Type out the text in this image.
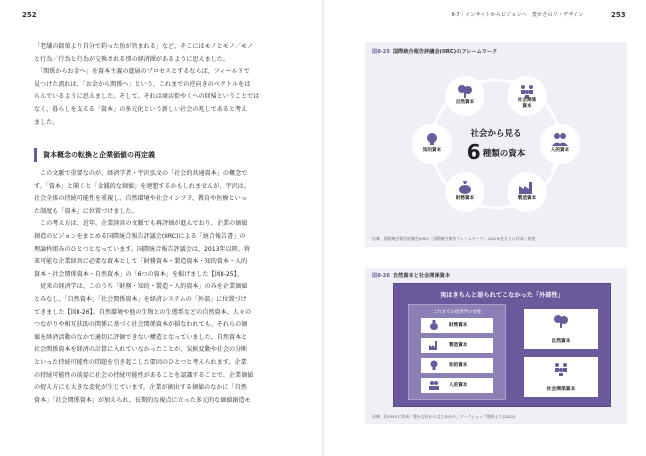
252	Ⅱ-7｜インサイトからビジョンへ　豊かさのリ・デザイン	253

「老舗の銘菓より自分で釣った魚が旨まれる」など、そこにはモノとモノ／モノ

と行為／行為と行為が交換される別の経済圏があるように思えました。

　「関係からお金へ」を資本主義の進展のプロセスとするならば、フィールドで

見つけた流れは、「お金から関係へ」という、これまでの逆向きのベクトルをは

らんでいるように思えました。そして、それは商店街やくへの回帰ということでは

なく、暮らしを支える「資本」の多元化という新しい社会の兆しであると考え

ました。

資本概念の転換と企業価値の再定義

　この文脈で重要なのが、経済学者・宇沢弘文の「社会的共通資本」の概念で

す。「資本」と聞くと「金銭的な価値」を連想するかもしれませんが、宇沢は、

社会全体の持続可能性を重視し、自然環境や社会インフラ、教育や医療といっ

た制度も「資本」に位置づけました。

　この考え方は、近年、企業経営の文脈でも再評価が進んでおり、企業の価値

創造のビジョンをまとめる国際統合報告評議会(IIRC)による「統合報告書」の

理論枠組みのひとつとなっています。国際統合報告評議会は、2013年以降、将

来可能な企業経営に必要な資本として「財務資本・製造資本・知的資本・人的

資本・社会関係資本・自然資本」の「6つの資本」を掲げました【図Ⅱ-25】。

　従来の経済学は、このうち「財務・知的・製造・人的資本」のみを企業価値

とみなし、「自然資本」「社会関係資本」を経済システムの「外部」に位置づけ

てきました【図Ⅱ-26】。自然環境や他の生物との生態系などの自然資本、人々の

つながりや相互扶助の関係に基づく社会関係資本が損なわれても、それらの価

値を経済活動のなかで適切に評価できない構造となっていました。自然資本と

社会関係資本を経済の計算に入れていなかったことが、気候変動や社会の分断

といった持続可能性の問題を引き起こした要因のひとつと考えられます。企業

の持続可能性の前提に社会の持続可能性があることを認識することで、企業価値

の捉え方にも大きな変化が生じています。企業が創出する価値のなかに「自然

資本」「社会関係資本」が加えられ、長期的な視点に立った多元的な価値創造モ

図Ⅱ-25 国際統合報告評議会(IIRC)のフレームワーク
社会から見る
6 種類の資本
自然資本	社会関係
資本
人的資本
製造資本
財務資本
知的資本
出典：国際統合報告評議会(IIRC)「国際統合報告フレームワーク」(2013)をもとに作成・改変
図Ⅱ-26 自然資本と社会関係資本
実はきちんと語られてこなかった「外部性」
これまでの経済学の対象
財務資本
製造資本
知的資本
人的資本
自然資本
社会関係資本
出典：民GPLEに作成「豊かな村からはじめかの」ワークショップ資料より(2022)
